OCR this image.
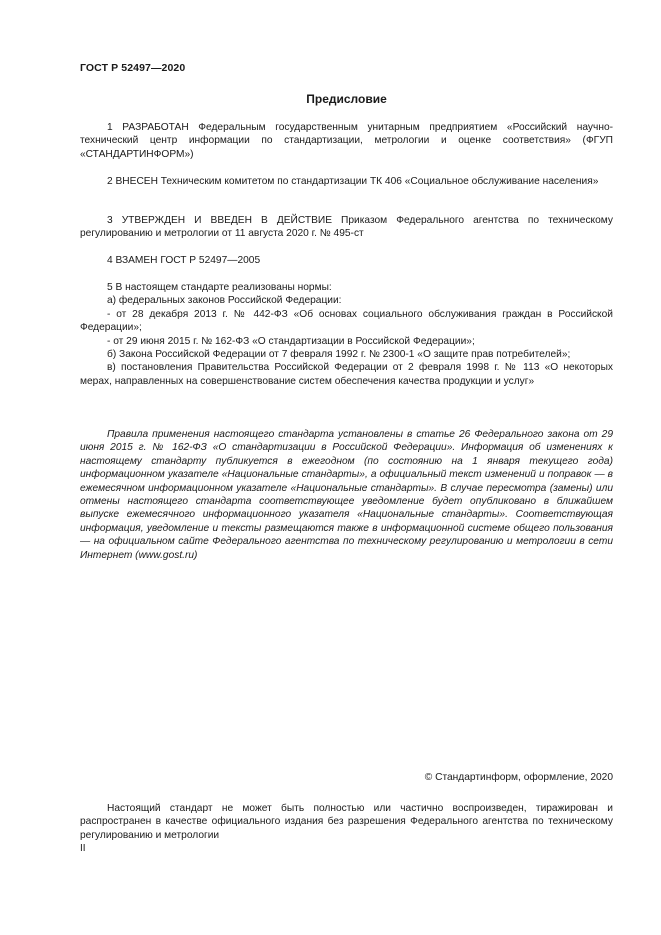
ГОСТ Р 52497—2020
Предисловие

1 РАЗРАБОТАН Федеральным государственным унитарным предприятием «Российский научно-технический центр информации по стандартизации, метрологии и оценке соответствия» (ФГУП «СТАНДАРТИНФОРМ»)

2 ВНЕСЕН Техническим комитетом по стандартизации ТК 406 «Социальное обслуживание населения»

3 УТВЕРЖДЕН И ВВЕДЕН В ДЕЙСТВИЕ Приказом Федерального агентства по техническому регулированию и метрологии от 11 августа 2020 г. № 495-ст

4 ВЗАМЕН ГОСТ Р 52497—2005

5 В настоящем стандарте реализованы нормы:

а) федеральных законов Российской Федерации:

- от 28 декабря 2013 г. № 442-ФЗ «Об основах социального обслуживания граждан в Российской Федерации»;

- от 29 июня 2015 г. № 162-ФЗ «О стандартизации в Российской Федерации»;

б) Закона Российской Федерации от 7 февраля 1992 г. № 2300-1 «О защите прав потребителей»;

в) постановления Правительства Российской Федерации от 2 февраля 1998 г. № 113 «О некоторых мерах, направленных на совершенствование систем обеспечения качества продукции и услуг»

Правила применения настоящего стандарта установлены в статье 26 Федерального закона от 29 июня 2015 г. № 162-ФЗ «О стандартизации в Российской Федерации». Информация об изменениях к настоящему стандарту публикуется в ежегодном (по состоянию на 1 января текущего года) информационном указателе «Национальные стандарты», а официальный текст изменений и поправок — в ежемесячном информационном указателе «Национальные стандарты». В случае пересмотра (замены) или отмены настоящего стандарта соответствующее уведомление будет опубликовано в ближайшем выпуске ежемесячного информационного указателя «Национальные стандарты». Соответствующая информация, уведомление и тексты размещаются также в информационной системе общего пользования — на официальном сайте Федерального агентства по техническому регулированию и метрологии в сети Интернет (www.gost.ru)

© Стандартинформ, оформление, 2020

Настоящий стандарт не может быть полностью или частично воспроизведен, тиражирован и распространен в качестве официального издания без разрешения Федерального агентства по техническому регулированию и метрологии

II
